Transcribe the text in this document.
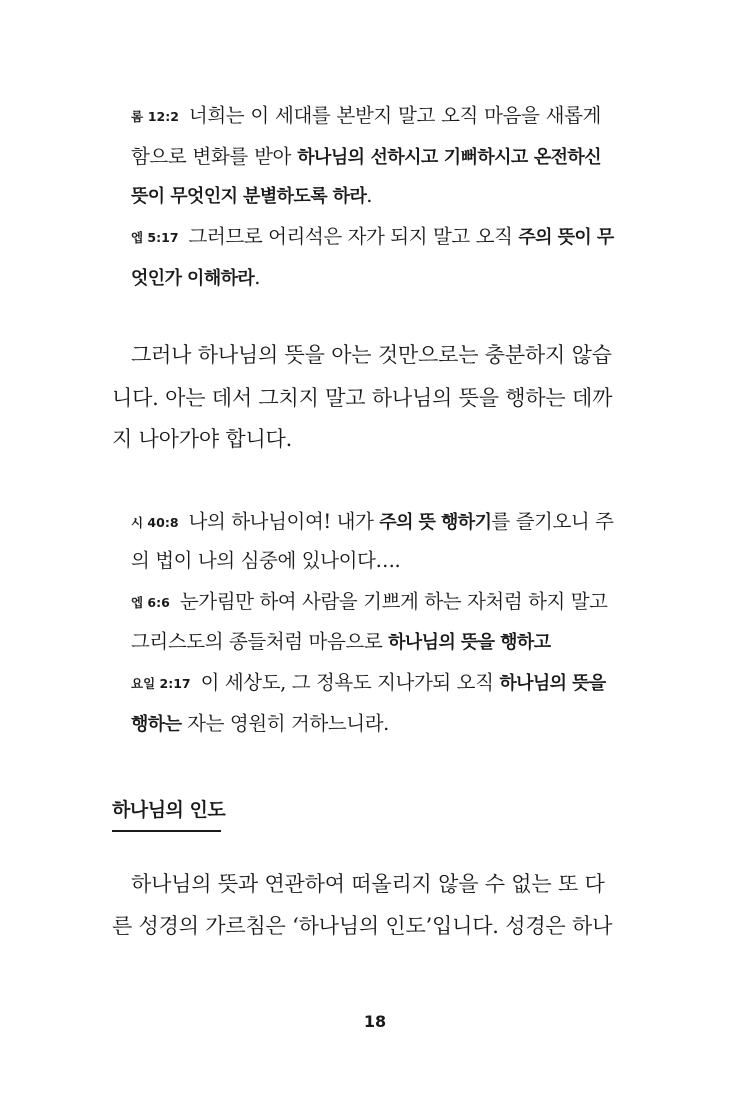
롬 12:2 너희는 이 세대를 본받지 말고 오직 마음을 새롭게
함으로 변화를 받아 하나님의 선하시고 기뻐하시고 온전하신
뜻이 무엇인지 분별하도록 하라.
엡 5:17 그러므로 어리석은 자가 되지 말고 오직 주의 뜻이 무
엇인가 이해하라.
그러나 하나님의 뜻을 아는 것만으로는 충분하지 않습
니다. 아는 데서 그치지 말고 하나님의 뜻을 행하는 데까
지 나아가야 합니다.
시 40:8 나의 하나님이여! 내가 주의 뜻 행하기를 즐기오니 주
의 법이 나의 심중에 있나이다….
엡 6:6 눈가림만 하여 사람을 기쁘게 하는 자처럼 하지 말고
그리스도의 종들처럼 마음으로 하나님의 뜻을 행하고
요일 2:17 이 세상도, 그 정욕도 지나가되 오직 하나님의 뜻을
행하는 자는 영원히 거하느니라.
하나님의 인도
하나님의 뜻과 연관하여 떠올리지 않을 수 없는 또 다
른 성경의 가르침은 ‘하나님의 인도’입니다. 성경은 하나
18
